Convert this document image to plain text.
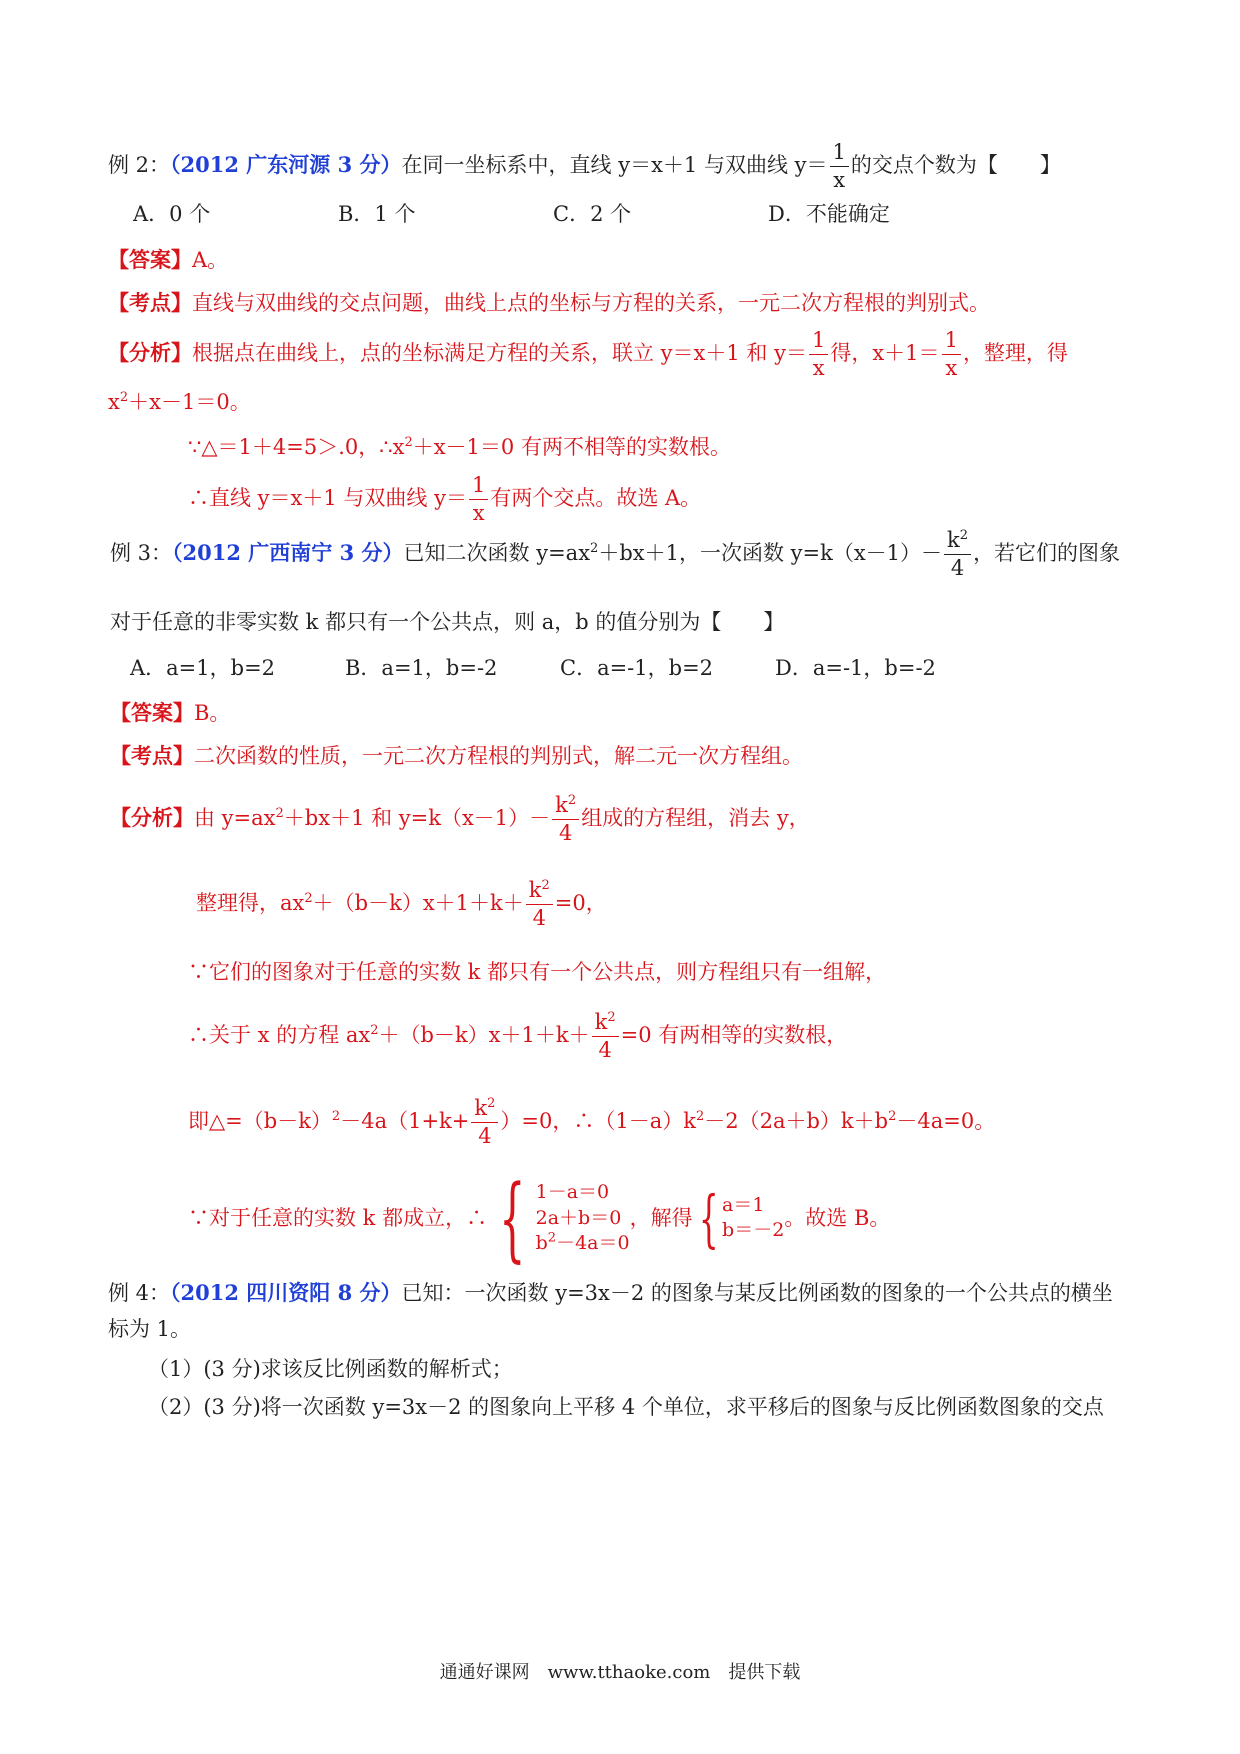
例 2：（2012 广东河源 3 分）在同一坐标系中，直线 y＝x＋1 与双曲线 $y= \frac{1}{x}$ 的交点个数为【　　】
A．0 个	B．1 个	C．2 个	D．不能确定
【答案】A。
【考点】直线与双曲线的交点问题，曲线上点的坐标与方程的关系，一元二次方程根的判别式。
【分析】根据点在曲线上，点的坐标满足方程的关系，联立 y＝x＋1 和 $y= \frac{1}{x}$ 得，$x+1= \frac{1}{x}$ ，整理，得
$x^2+x-1=0$。
∵△＝1＋4=5＞.0，$\therefore x^2+x-1=0$ 有两不相等的实数根。
∴直线 y＝x＋1 与双曲线 $y= \frac{1}{x}$ 有两个交点。故选 A。
例 3：（2012 广西南宁 3 分）已知二次函数 $y=ax^2+bx+1$，一次函数 $y=k(x-1)- \frac{k^2}{4}$ ，若它们的图象
对于任意的非零实数 k 都只有一个公共点，则 a，b 的值分别为【　　】
A．a=1，b=2	B．a=1，b=-2	C．a=-1，b=2	D．a=-1，b=-2
【答案】B。
【考点】二次函数的性质，一元二次方程根的判别式，解二元一次方程组。
【分析】由 $y=ax^2+bx+1$ 和 $y=k(x-1)- \frac{k^2}{4}$ 组成的方程组，消去 y，
整理得，$ax^2+(b-k)x+1+k+ \frac{k^2}{4} =0$，
∵它们的图象对于任意的实数 k 都只有一个公共点，则方程组只有一组解，
∴关于 x 的方程 $ax^2+(b-k)x+1+k+ \frac{k^2}{4} =0$ 有两相等的实数根，
即$\triangle=(b-k)^2-4a(1+k+ \frac{k^2}{4} )=0$，$\therefore(1-a)k^2-2(2a+b)k+b^2-4a=0$。
∵对于任意的实数 k 都成立，∴ { 1－a＝0
2a＋b＝0
$b^2-4a=0$
，解得 { a＝1
b＝－2
。故选 B。
例 4：（2012 四川资阳 8 分）已知：一次函数 y=3x－2 的图象与某反比例函数的图象的一个公共点的横坐
标为 1。
（1）(3 分)求该反比例函数的解析式；
（2）(3 分)将一次函数 y=3x－2 的图象向上平移 4 个单位，求平移后的图象与反比例函数图象的交点
通通好课网　www.tthaoke.com　提供下载
